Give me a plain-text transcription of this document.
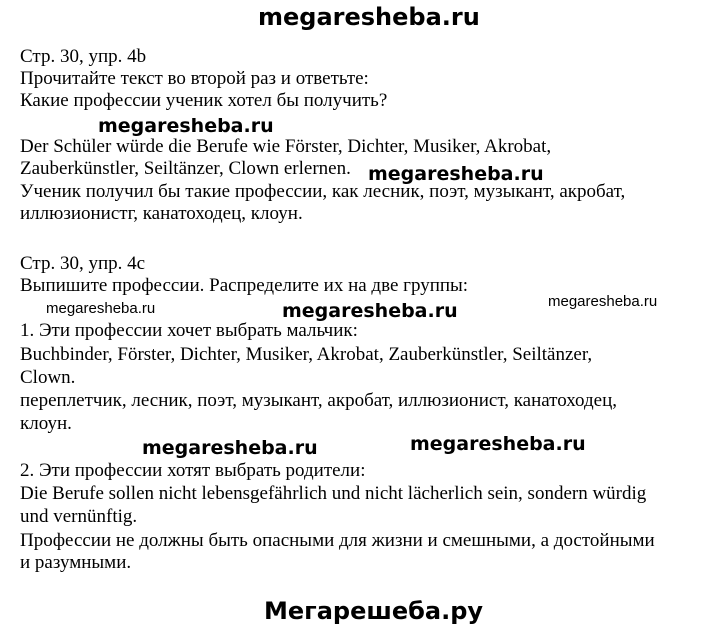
megaresheba.ru

Стр. 30, упр. 4b

Прочитайте текст во второй раз и ответьте:

Какие профессии ученик хотел бы получить?

megaresheba.ru

Der Schüler würde die Berufe wie Förster, Dichter, Musiker, Akrobat,

Zauberkünstler, Seiltänzer, Clown erlernen. megaresheba.ru

Ученик получил бы такие профессии, как лесник, поэт, музыкант, акробат,

иллюзионистг, канатоходец, клоун.

Стр. 30, упр. 4c

Выпишите профессии. Распределите их на две группы:

megaresheba.ru	megaresheba.ru	megaresheba.ru

1. Эти профессии хочет выбрать мальчик:

Buchbinder, Förster, Dichter, Musiker, Akrobat, Zauberkünstler, Seiltänzer,

Clown.

переплетчик, лесник, поэт, музыкант, акробат, иллюзионист, канатоходец,

клоун.

megaresheba.ru	megaresheba.ru

2. Эти профессии хотят выбрать родители:

Die Berufe sollen nicht lebensgefährlich und nicht lächerlich sein, sondern würdig

und vernünftig.

Профессии не должны быть опасными для жизни и смешными, а достойными

и разумными.

Мегарешеба.ру
